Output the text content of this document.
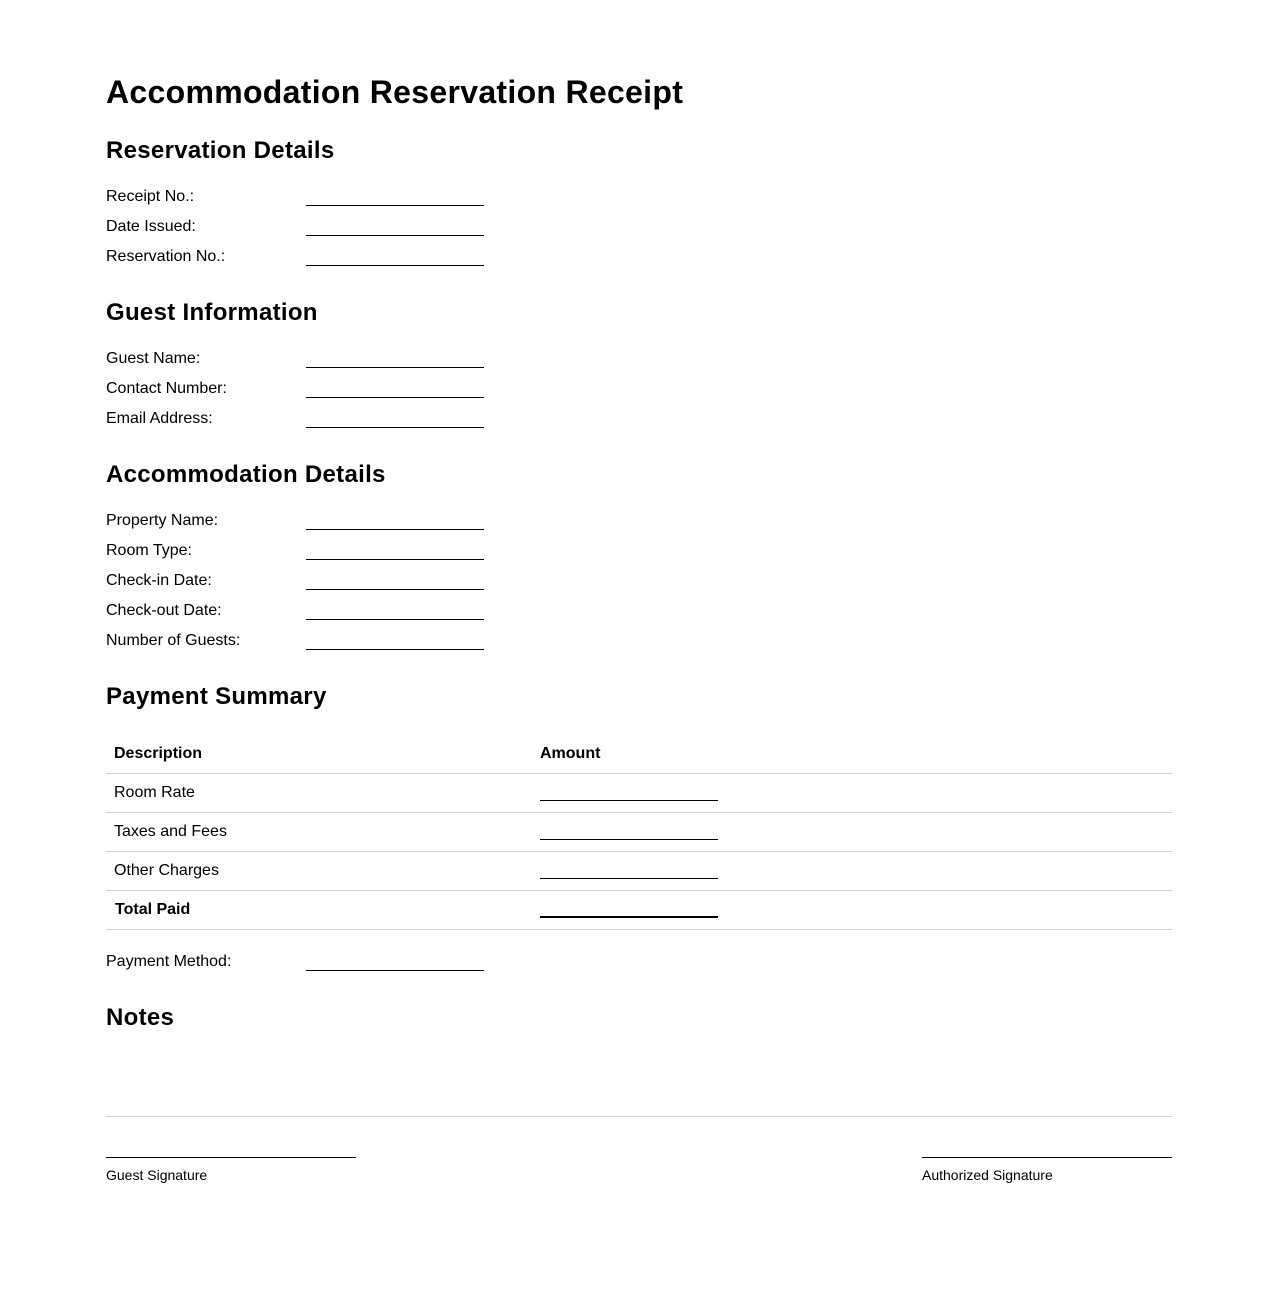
Accommodation Reservation Receipt
Reservation Details
Receipt No.:
Date Issued:
Reservation No.:
Guest Information
Guest Name:
Contact Number:
Email Address:
Accommodation Details
Property Name:
Room Type:
Check-in Date:
Check-out Date:
Number of Guests:
Payment Summary
Description	Amount
Room Rate
Taxes and Fees
Other Charges
Total Paid
Payment Method:
Notes
Guest Signature	Authorized Signature
